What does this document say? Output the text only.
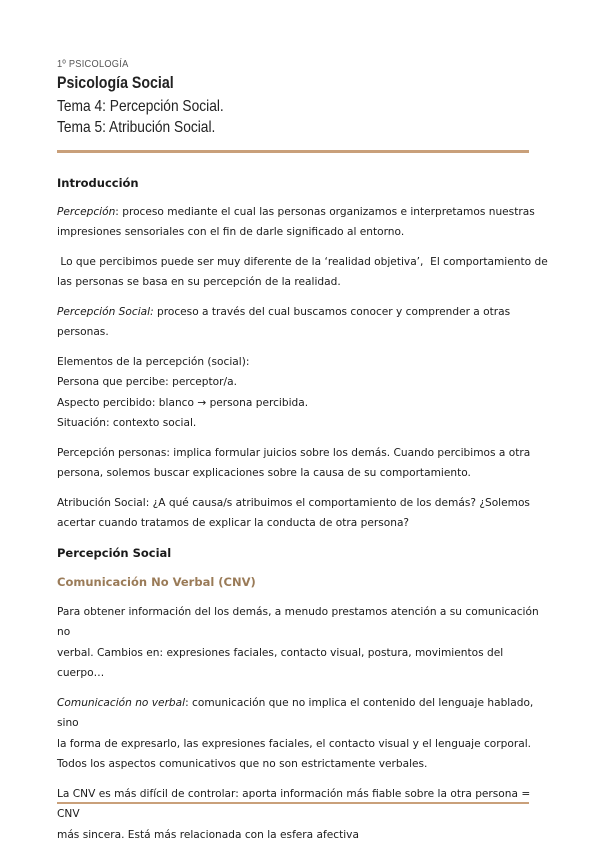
1º PSICOLOGÍA
Psicología Social
Tema 4: Percepción Social.
Tema 5: Atribución Social.

Introducción

Percepción: proceso mediante el cual las personas organizamos e interpretamos nuestras

impresiones sensoriales con el fin de darle significado al entorno.

Lo que percibimos puede ser muy diferente de la ‘realidad objetiva’,  El comportamiento de

las personas se basa en su percepción de la realidad.

Percepción Social: proceso a través del cual buscamos conocer y comprender a otras personas.

Elementos de la percepción (social):

Persona que percibe: perceptor/a.

Aspecto percibido: blanco → persona percibida.

Situación: contexto social.

Percepción personas: implica formular juicios sobre los demás. Cuando percibimos a otra

persona, solemos buscar explicaciones sobre la causa de su comportamiento.

Atribución Social: ¿A qué causa/s atribuimos el comportamiento de los demás? ¿Solemos

acertar cuando tratamos de explicar la conducta de otra persona?

Percepción Social

Comunicación No Verbal (CNV)

Para obtener información del los demás, a menudo prestamos atención a su comunicación no

verbal. Cambios en: expresiones faciales, contacto visual, postura, movimientos del cuerpo…

Comunicación no verbal: comunicación que no implica el contenido del lenguaje hablado, sino

la forma de expresarlo, las expresiones faciales, el contacto visual y el lenguaje corporal.

Todos los aspectos comunicativos que no son estrictamente verbales.

La CNV es más difícil de controlar: aporta información más fiable sobre la otra persona = CNV

más sincera. Está más relacionada con la esfera afectiva
